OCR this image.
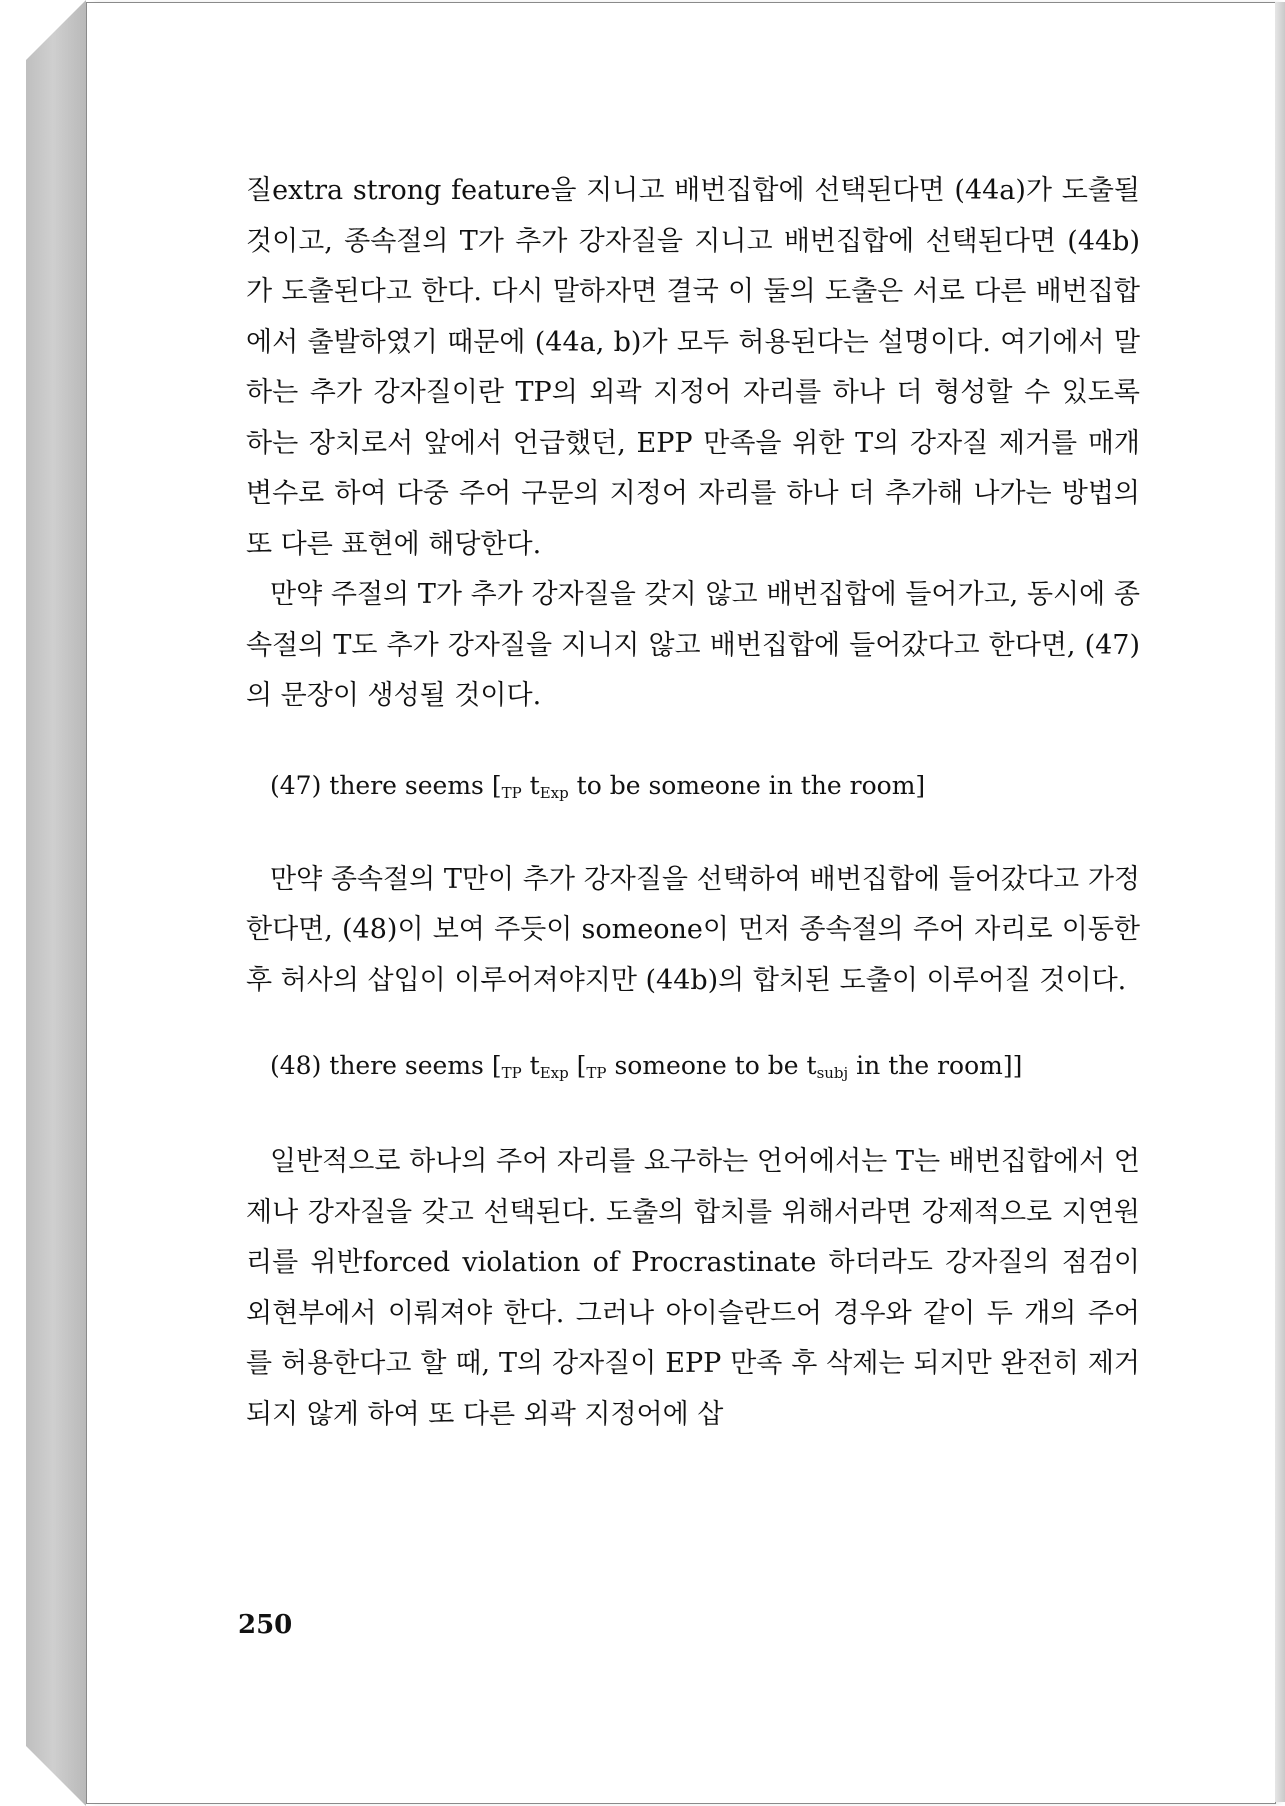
질extra strong feature을 지니고 배번집합에 선택된다면 (44a)가 도출될 것이고, 종속절의 T가 추가 강자질을 지니고 배번집합에 선택된다면 (44b)가 도출된다고 한다. 다시 말하자면 결국 이 둘의 도출은 서로 다른 배번집합에서 출발하였기 때문에 (44a, b)가 모두 허용된다는 설명이다. 여기에서 말하는 추가 강자질이란 TP의 외곽 지정어 자리를 하나 더 형성할 수 있도록 하는 장치로서 앞에서 언급했던, EPP 만족을 위한 T의 강자질 제거를 매개변수로 하여 다중 주어 구문의 지정어 자리를 하나 더 추가해 나가는 방법의 또 다른 표현에 해당한다.

만약 주절의 T가 추가 강자질을 갖지 않고 배번집합에 들어가고, 동시에 종속절의 T도 추가 강자질을 지니지 않고 배번집합에 들어갔다고 한다면, (47)의 문장이 생성될 것이다.

(47) there seems [$_{TP}$ $t_{Exp}$ to be someone in the room]

만약 종속절의 T만이 추가 강자질을 선택하여 배번집합에 들어갔다고 가정한다면, (48)이 보여 주듯이 someone이 먼저 종속절의 주어 자리로 이동한 후 허사의 삽입이 이루어져야지만 (44b)의 합치된 도출이 이루어질 것이다.

(48) there seems [$_{TP}$ $t_{Exp}$ [$_{TP}$ someone to be $t_{subj}$ in the room]]

일반적으로 하나의 주어 자리를 요구하는 언어에서는 T는 배번집합에서 언제나 강자질을 갖고 선택된다. 도출의 합치를 위해서라면 강제적으로 지연원리를 위반forced violation of Procrastinate 하더라도 강자질의 점검이 외현부에서 이뤄져야 한다. 그러나 아이슬란드어 경우와 같이 두 개의 주어를 허용한다고 할 때, T의 강자질이 EPP 만족 후 삭제는 되지만 완전히 제거되지 않게 하여 또 다른 외곽 지정어에 삽

250
